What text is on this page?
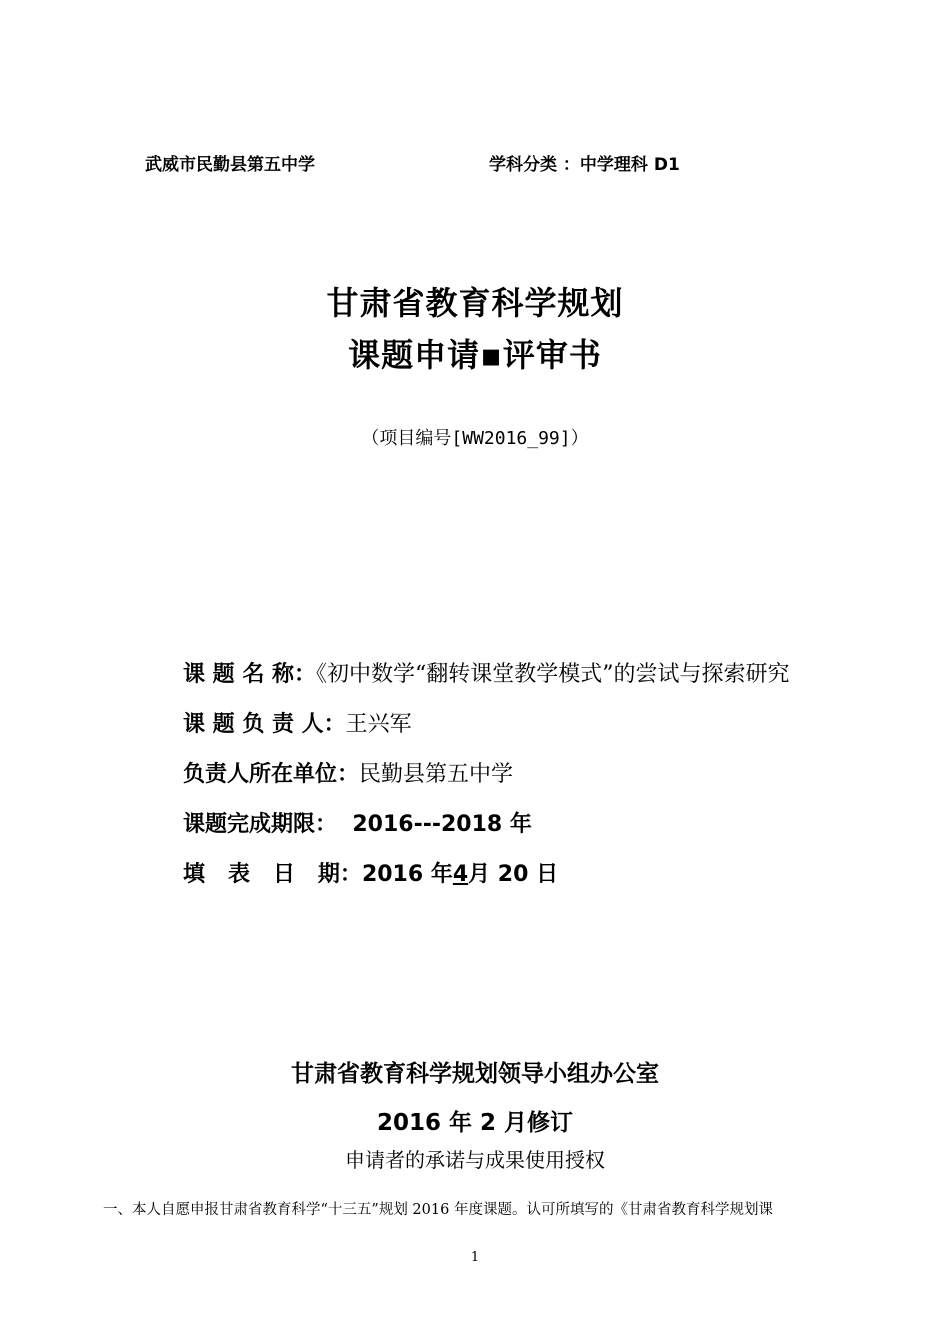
武威市民勤县第五中学	学科分类 ：中学理科 D1
甘肃省教育科学规划
课题申请▪评审书
（项目编号[WW2016_99]）
课 题 名 称：《初中数学“翻转课堂教学模式”的尝试与探索研究
课 题 负 责 人：王兴军
负责人所在单位：民勤县第五中学
课题完成期限：  2016---2018 年
填   表   日   期：2016 年4月 20 日
甘肃省教育科学规划领导小组办公室
2016 年 2 月修订
申请者的承诺与成果使用授权
一、本人自愿申报甘肃省教育科学“十三五”规划 2016 年度课题。认可所填写的《甘肃省教育科学规划课
1
